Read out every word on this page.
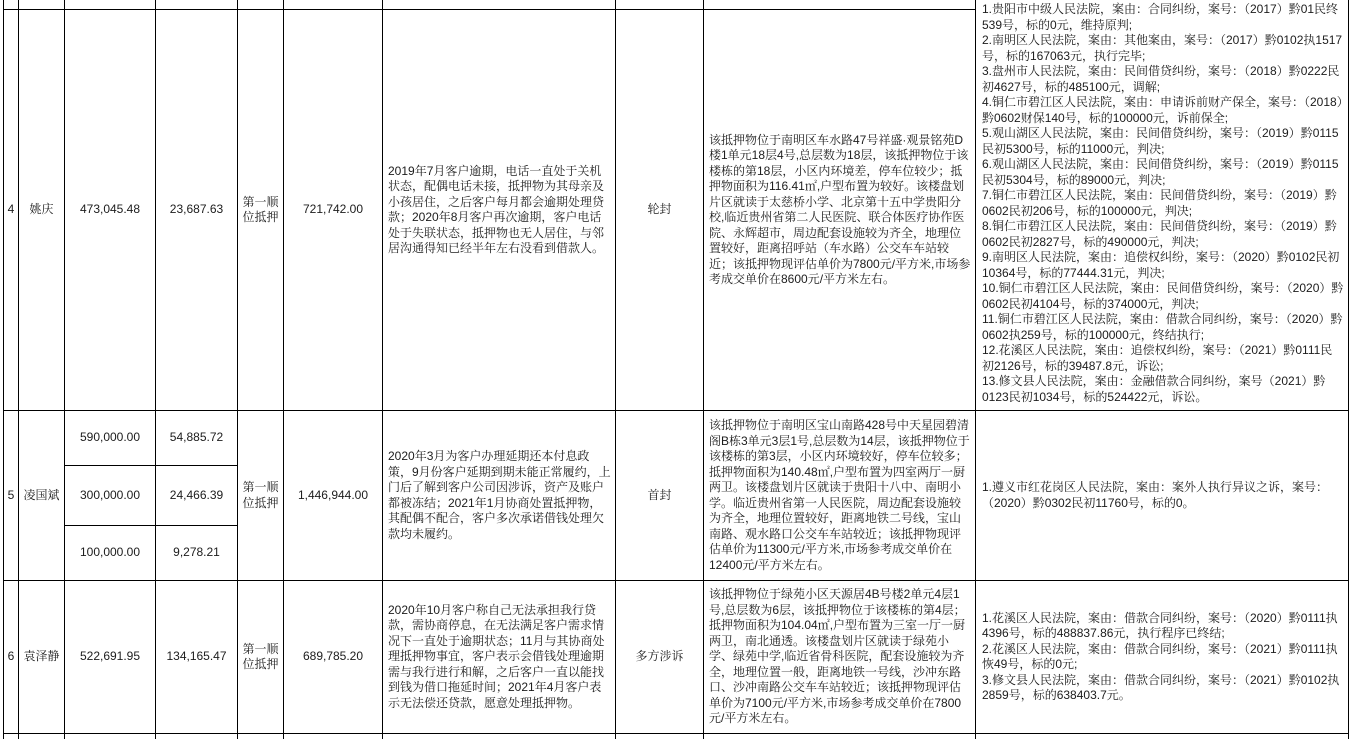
4 姚庆 473,045.48 23,687.63
第一顺位抵押
721,742.00
2019年7月客户逾期，电话一直处于关机状态，配偶电话未接，抵押物为其母亲及小孩居住，之后客户每月都会逾期处理贷款；2020年8月客户再次逾期，客户电话处于失联状态，抵押物也无人居住，与邻居沟通得知已经半年左右没看到借款人。
轮封
该抵押物位于南明区车水路47号祥盛·观景铭苑D楼1单元18层4号,总层数为18层，该抵押物位于该楼栋的第18层，小区内环境差，停车位较少；抵押物面积为116.41㎡,户型布置为较好。该楼盘划片区就读于太慈桥小学、北京第十五中学贵阳分校,临近贵州省第二人民医院、联合体医疗协作医院、永辉超市，周边配套设施较为齐全，地理位置较好，距离招呼站（车水路）公交车车站较近；该抵押物现评估单价为7800元/平方米,市场参考成交单价在8600元/平方米左右。
1.贵阳市中级人民法院，案由：合同纠纷，案号：（2017）黔01民终539号，标的0元，维持原判;
2.南明区人民法院，案由：其他案由，案号：（2017）黔0102执1517号，标的167063元，执行完毕;
3.盘州市人民法院，案由：民间借贷纠纷，案号：（2018）黔0222民初4627号，标的485100元，调解;
4.铜仁市碧江区人民法院，案由：申请诉前财产保全，案号：（2018）黔0602财保140号，标的100000元，诉前保全;
5.观山湖区人民法院，案由：民间借贷纠纷，案号：（2019）黔0115民初5300号，标的11000元，判决;
6.观山湖区人民法院，案由：民间借贷纠纷，案号：（2019）黔0115民初5304号，标的89000元，判决;
7.铜仁市碧江区人民法院，案由：民间借贷纠纷，案号：（2019）黔0602民初206号，标的100000元，判决;
8.铜仁市碧江区人民法院，案由：民间借贷纠纷，案号：（2019）黔0602民初2827号，标的490000元，判决;
9.南明区人民法院，案由：追偿权纠纷，案号：（2020）黔0102民初10364号，标的77444.31元，判决;
10.铜仁市碧江区人民法院，案由：民间借贷纠纷，案号：（2020）黔0602民初4104号，标的374000元，判决;
11.铜仁市碧江区人民法院，案由：借款合同纠纷，案号：（2020）黔0602执259号，标的100000元，终结执行;
12.花溪区人民法院，案由：追偿权纠纷，案号：（2021）黔0111民初2126号，标的39487.8元，诉讼;
13.修文县人民法院，案由：金融借款合同纠纷，案号（2021）黔0123民初1034号，标的524422元，诉讼。
5 凌国斌
590,000.00 54,885.72
300,000.00 24,466.39
100,000.00	9,278.21
第一顺位抵押
1,446,944.00
2020年3月为客户办理延期还本付息政策，9月份客户延期到期未能正常履约，上门后了解到客户公司因涉诉，资产及账户都被冻结；2021年1月协商处置抵押物，其配偶不配合，客户多次承诺借钱处理欠款均未履约。
首封
该抵押物位于南明区宝山南路428号中天星园碧清阁B栋3单元3层1号,总层数为14层，该抵押物位于该楼栋的第3层，小区内环境较好，停车位较多；抵押物面积为140.48㎡,户型布置为四室两厅一厨两卫。该楼盘划片区就读于贵阳十八中、南明小学。临近贵州省第一人民医院，周边配套设施较为齐全，地理位置较好，距离地铁二号线，宝山南路、观水路口公交车车站较近；该抵押物现评估单价为11300元/平方米,市场参考成交单价在12400元/平方米左右。
1.遵义市红花岗区人民法院，案由：案外人执行异议之诉，案号：（2020）黔0302民初11760号，标的0。
6 袁泽静 522,691.95 134,165.47
第一顺位抵押
689,785.20
2020年10月客户称自己无法承担我行贷款，需协商停息，在无法满足客户需求情况下一直处于逾期状态；11月与其协商处理抵押物事宜，客户表示会借钱处理逾期需与我行进行和解，之后客户一直以能找到钱为借口拖延时间；2021年4月客户表示无法偿还贷款，愿意处理抵押物。
多方涉诉
该抵押物位于绿苑小区天源居4B号楼2单元4层1号,总层数为6层，该抵押物位于该楼栋的第4层；抵押物面积为104.04㎡,户型布置为三室一厅一厨两卫，南北通透。该楼盘划片区就读于绿苑小学、绿苑中学,临近省骨科医院，配套设施较为齐全，地理位置一般，距离地铁一号线，沙冲东路口、沙冲南路公交车车站较近；该抵押物现评估单价为7100元/平方米,市场参考成交单价在7800元/平方米左右。
1.花溪区人民法院，案由：借款合同纠纷，案号：（2020）黔0111执4396号，标的488837.86元，执行程序已终结;
2.花溪区人民法院，案由：借款合同纠纷，案号：（2021）黔0111执恢49号，标的0元;
3.修文县人民法院，案由：借款合同纠纷，案号：（2021）黔0102执2859号，标的638403.7元。
